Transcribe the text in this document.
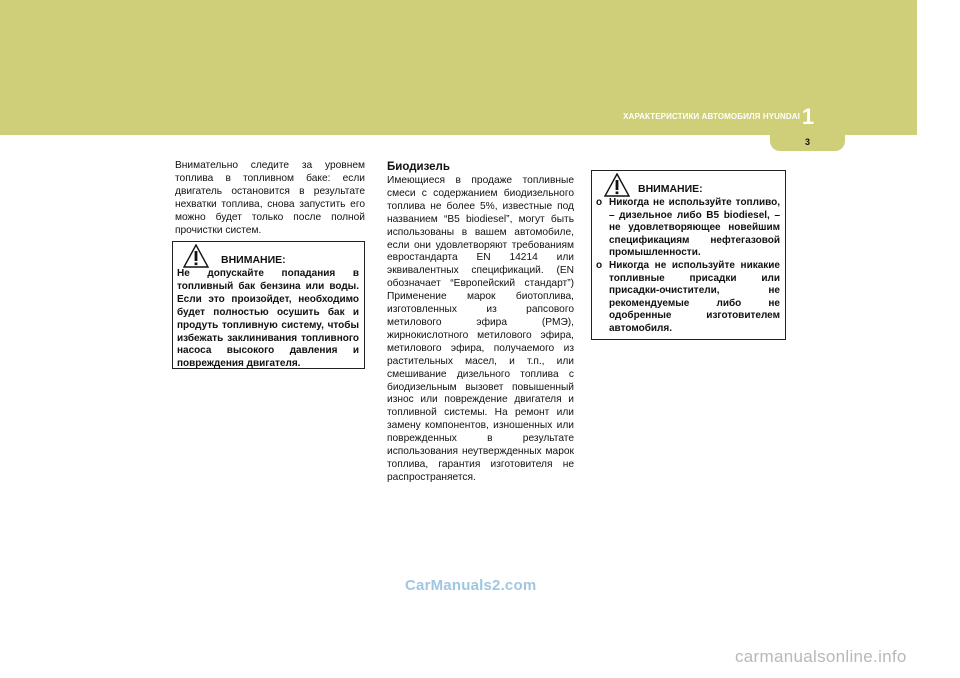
ХАРАКТЕРИСТИКИ АВТОМОБИЛЯ HYUNDAI 1
3
Внимательно следите за уровнем топлива в топливном баке: если двигатель остановится в результате нехватки топлива, снова запустить его можно будет только после полной прочистки систем.
ВНИМАНИЕ:
Не допускайте попадания в топливный бак бензина или воды. Если это произойдет, необходимо будет полностью осушить бак и продуть топливную систему, чтобы избежать заклинивания топливного насоса высокого давления и повреждения двигателя.
Биодизель
Имеющиеся в продаже топливные смеси с содержанием биодизельного топлива не более 5%, известные под названием “B5 biodiesel”, могут быть использованы в вашем автомобиле, если они удовлетворяют требованиям евростандарта EN 14214 или эквивалентных спецификаций. (EN обозначает “Европейский стандарт”) Применение марок биотоплива, изготовленных из рапсового метилового эфира (РМЭ), жирнокислотного метилового эфира, метилового эфира, получаемого из растительных масел, и т.п., или смешивание дизельного топлива с биодизельным вызовет повышенный износ или повреждение двигателя и топливной системы. На ремонт или замену компонентов, изношенных или поврежденных в результате использования неутвержденных марок топлива, гарантия изготовителя не распространяется.
ВНИМАНИЕ:
o Никогда не используйте топливо, – дизельное либо B5 biodiesel, – не удовлетворяющее новейшим спецификациям нефтегазовой промышленности.
o Никогда не используйте никакие топливные присадки или присадки-очистители, не рекомендуемые либо не одобренные изготовителем автомобиля.
CarManuals2.com
carmanualsonline.info
